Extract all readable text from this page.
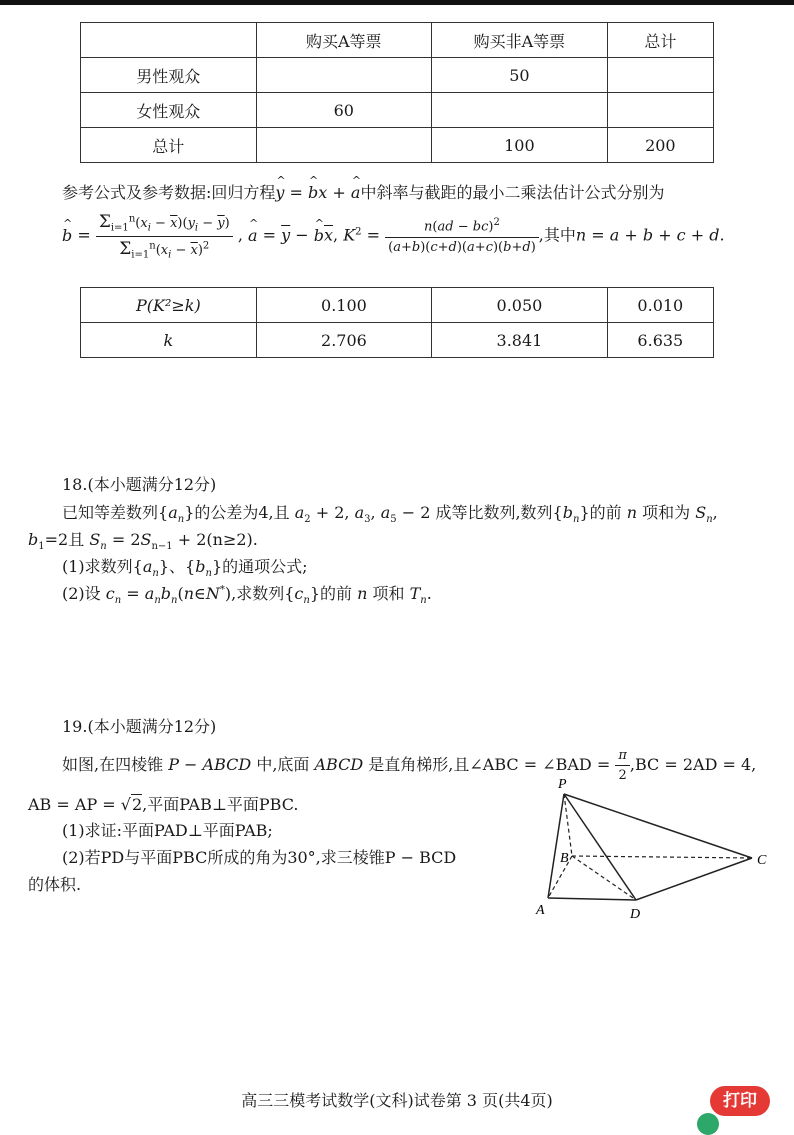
	购买A等票	购买非A等票	总计
男性观众		50	
女性观众	60		
总计		100	200
参考公式及参考数据:回归方程^ y = ^ bx + ^ a中斜率与截距的最小二乘法估计公式分别为
^ $b = \frac{\Sigma_{i=1}^n(x_i - \overline{x})(y_i - \overline{y})}{\Sigma_{i=1}^n(x_i - \overline{x})^2}$ , ^ $a = \overline{y}$ − ^ $b\overline{x}$, $K^2 = \frac{n(ad - bc)^2}{(a+b)(c+d)(a+c)(b+d)}$ ,其中n = a + b + c + d.
P(K²≥k)	0.100	0.050	0.010
k	2.706	3.841	6.635
18.(本小题满分12分)
已知等差数列$\{a_n\}$的公差为4,且 $a_2 + 2$, $a_3$, $a_5 - 2$ 成等比数列,数列$\{b_n\}$的前 n 项和为 $S_n$,
$b_1=2$且 $S_n = 2S_{n-1} + 2(n\ge 2)$.
(1)求数列$\{a_n\}$、$\{b_n\}$的通项公式;
(2)设 $c_n$ = $a_nb_n(n\in N^*)$,求数列$\{c_n\}$的前 n 项和 $T_n$.
19.(本小题满分12分)
如图,在四棱锥 P − ABCD 中,底面 ABCD 是直角梯形,且∠ABC = ∠BAD = $\frac{\pi}{2} ,BC = 2AD = 4$,
AB = AP = √2,平面PAB⊥平面PBC.
(1)求证:平面PAD⊥平面PAB;
(2)若PD与平面PBC所成的角为30°,求三棱锥P − BCD
的体积.
P
A	D
B	C
高三三模考试数学(文科)试卷第 3 页(共4页)	打印
